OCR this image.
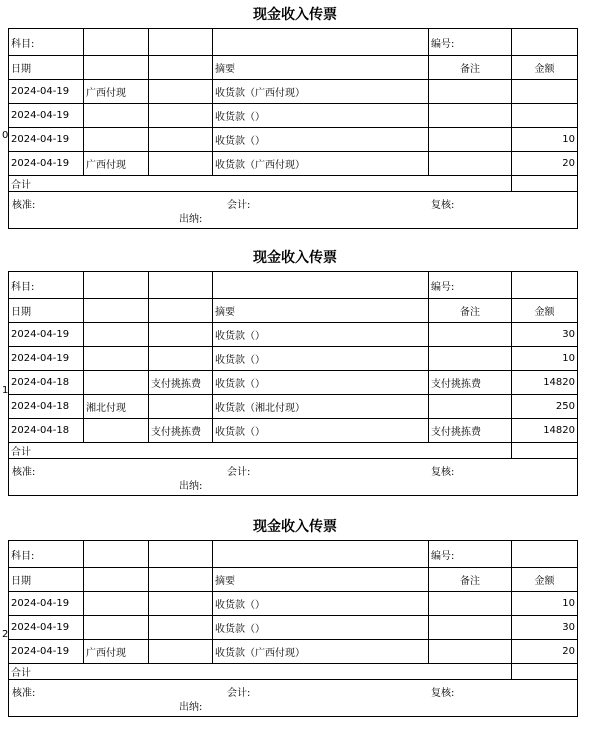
现金收入传票
0
科目:				编号:	
日期			摘要	备注	金额
2024-04-19	广西付现		收货款（广西付现）		
2024-04-19			收货款（）		
2024-04-19			收货款（）		10
2024-04-19	广西付现		收货款（广西付现）		20
合计					

核准: 会计: 复核:
出纳:					
现金收入传票
1
科目:				编号:	
日期			摘要	备注	金额
2024-04-19			收货款（）		30
2024-04-19			收货款（）		10
2024-04-18		支付挑拣费	收货款（）	支付挑拣费	14820
2024-04-18	湘北付现		收货款（湘北付现）		250
2024-04-18		支付挑拣费	收货款（）	支付挑拣费	14820
合计					

核准: 会计: 复核:
出纳:					
现金收入传票
2
科目:				编号:	
日期			摘要	备注	金额
2024-04-19			收货款（）		10
2024-04-19			收货款（）		30
2024-04-19	广西付现		收货款（广西付现）		20
合计					

核准: 会计: 复核:
出纳:					
